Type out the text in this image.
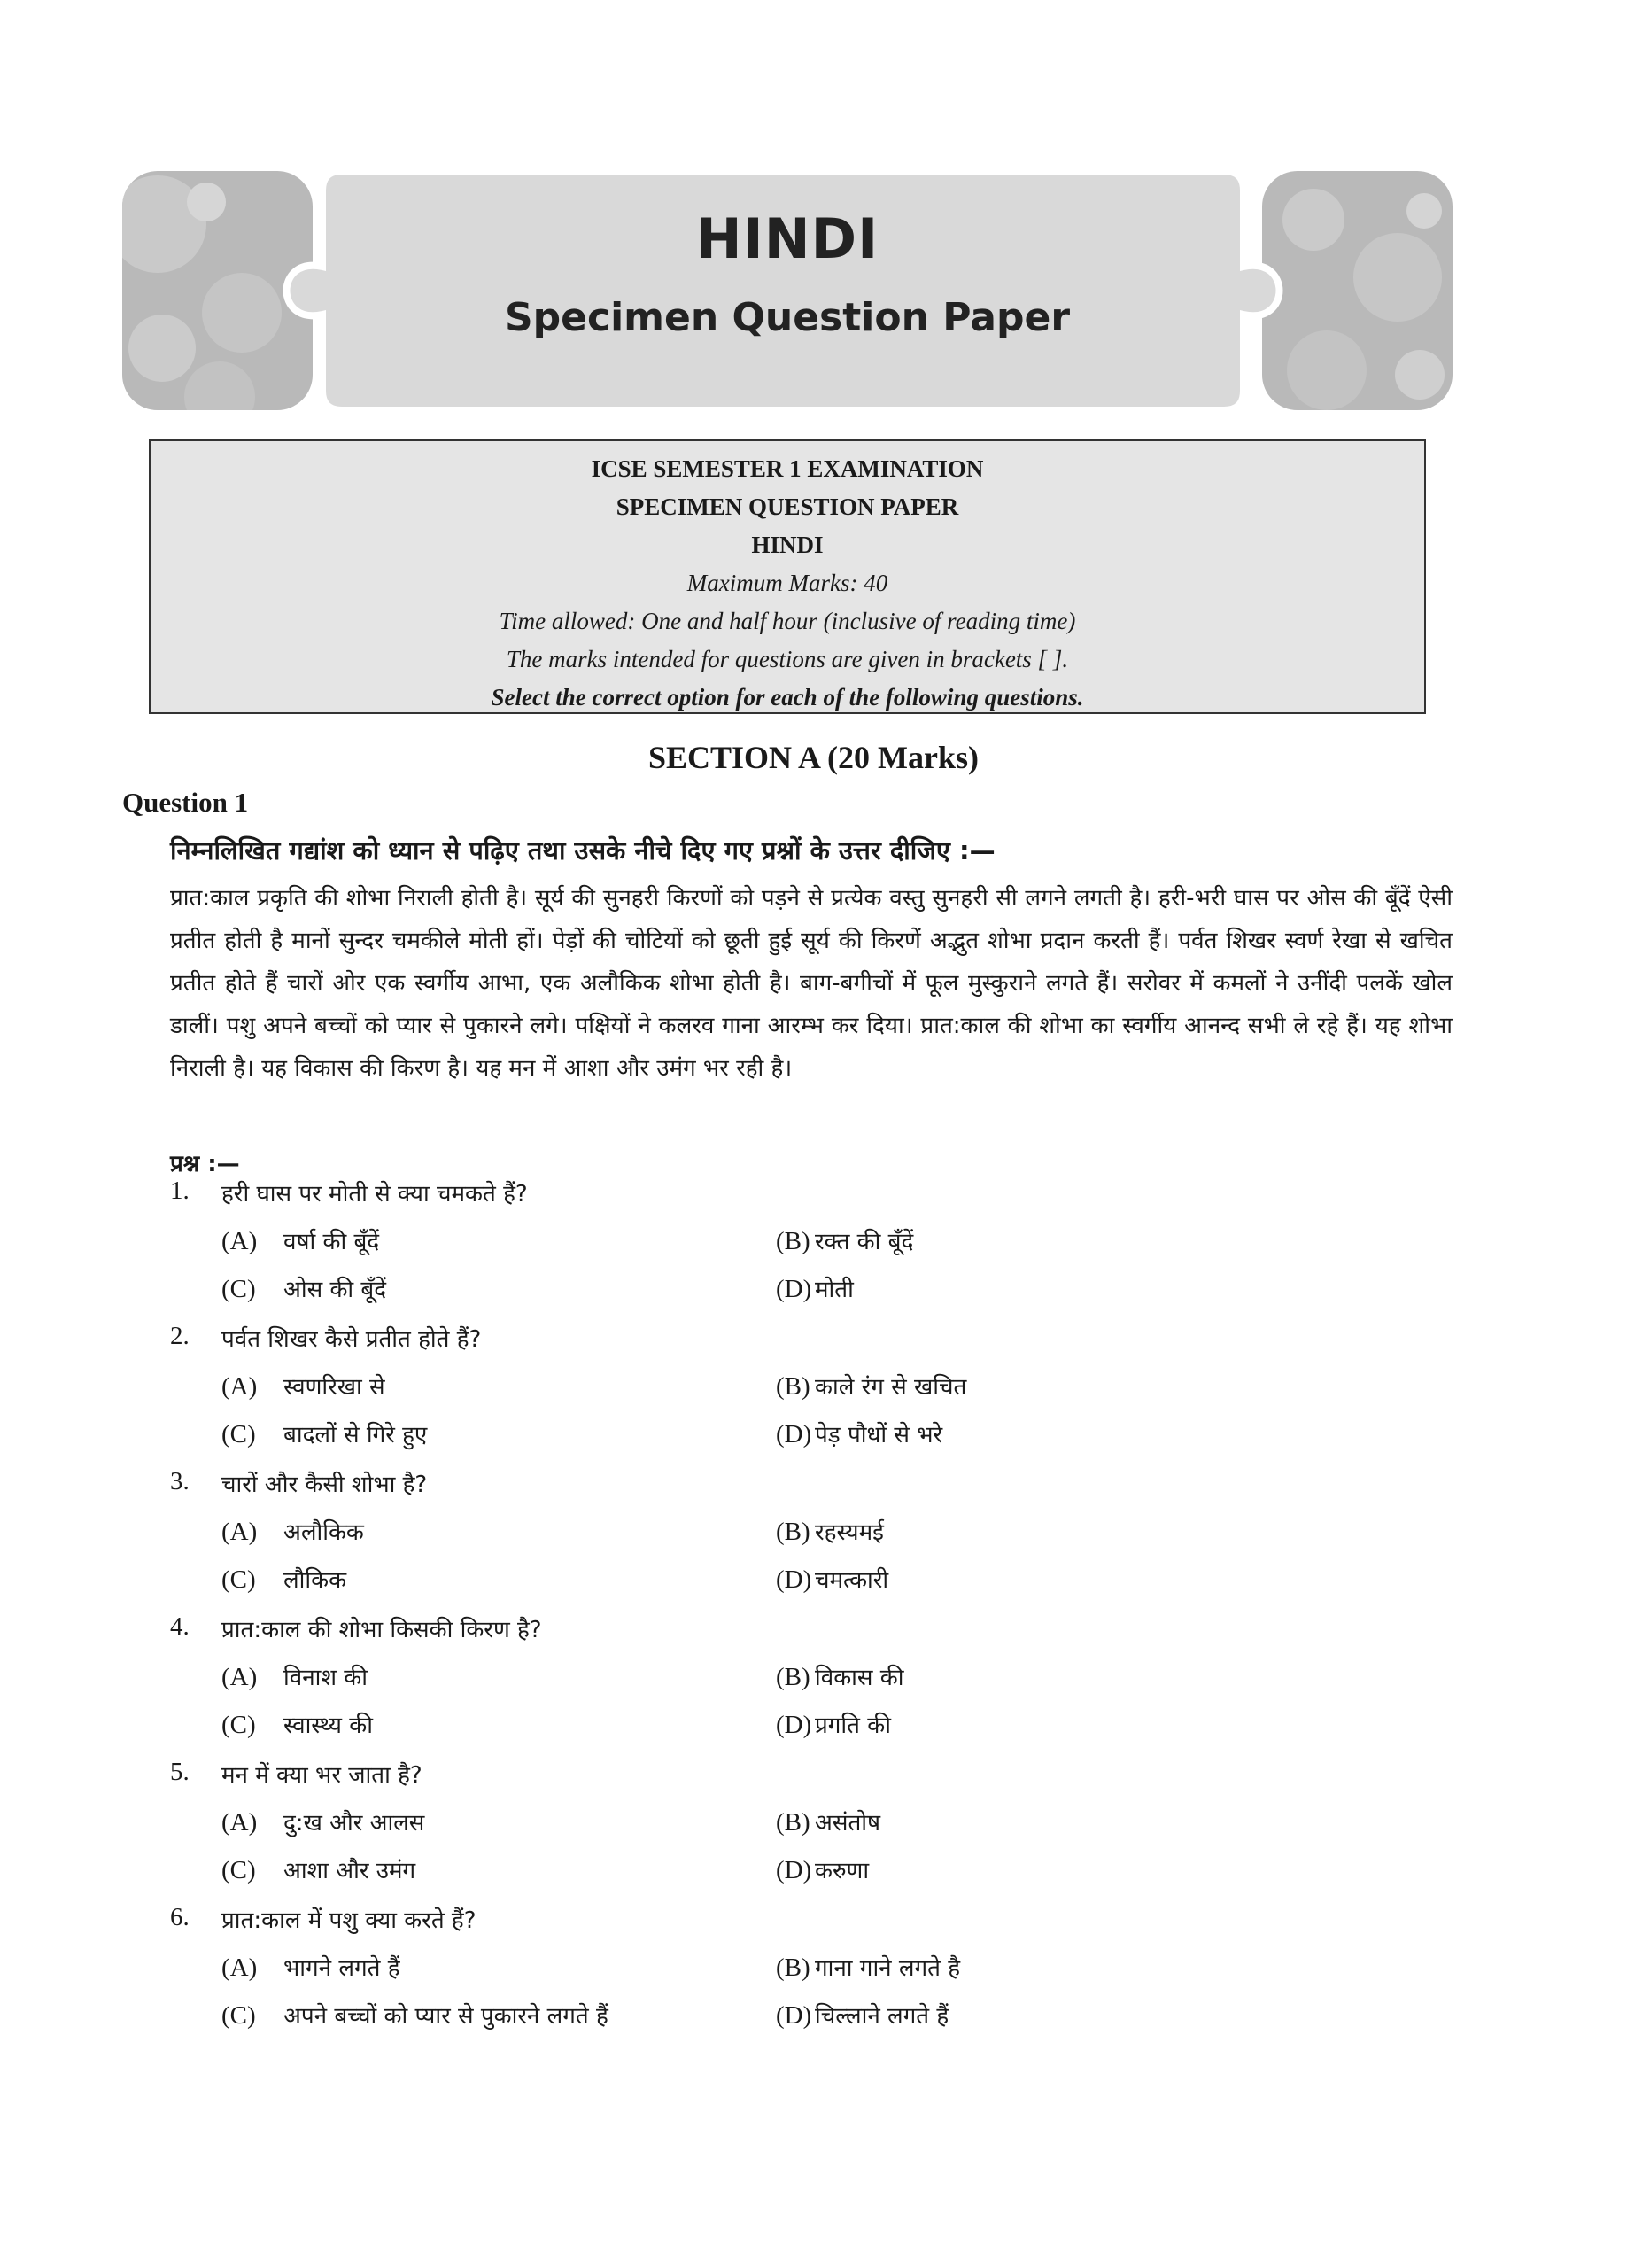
HINDI
Specimen Question Paper
ICSE SEMESTER 1 EXAMINATION
SPECIMEN QUESTION PAPER
HINDI
Maximum Marks: 40
Time allowed: One and half hour (inclusive of reading time)
The marks intended for questions are given in brackets [ ].
Select the correct option for each of the following questions.
SECTION A (20 Marks)
Question 1
निम्नलिखित गद्यांश को ध्यान से पढ़िए तथा उसके नीचे दिए गए प्रश्नों के उत्तर दीजिए :—

प्रात:काल प्रकृति की शोभा निराली होती है। सूर्य की सुनहरी किरणों को पड़ने से प्रत्येक वस्तु सुनहरी सी लगने लगती है। हरी-भरी घास पर ओस की बूँदें ऐसी प्रतीत होती है मानों सुन्दर चमकीले मोती हों। पेड़ों की चोटियों को छूती हुई सूर्य की किरणें अद्भुत शोभा प्रदान करती हैं। पर्वत शिखर स्वर्ण रेखा से खचित प्रतीत होते हैं चारों ओर एक स्वर्गीय आभा, एक अलौकिक शोभा होती है। बाग-बगीचों में फूल मुस्कुराने लगते हैं। सरोवर में कमलों ने उनींदी पलकें खोल डालीं। पशु अपने बच्चों को प्यार से पुकारने लगे। पक्षियों ने कलरव गाना आरम्भ कर दिया। प्रात:काल की शोभा का स्वर्गीय आनन्द सभी ले रहे हैं। यह शोभा निराली है। यह विकास की किरण है। यह मन में आशा और उमंग भर रही है।

प्रश्न :—
1. हरी घास पर मोती से क्या चमकते हैं?
(A) वर्षा की बूँदें	(B) रक्त की बूँदें
(C) ओस की बूँदें	(D) मोती
2. पर्वत शिखर कैसे प्रतीत होते हैं?
(A) स्वणरिखा से	(B) काले रंग से खचित
(C) बादलों से गिरे हुए	(D) पेड़ पौधों से भरे
3. चारों और कैसी शोभा है?
(A) अलौकिक	(B) रहस्यमई
(C) लौकिक	(D) चमत्कारी
4. प्रात:काल की शोभा किसकी किरण है?
(A) विनाश की	(B) विकास की
(C) स्वास्थ्य की	(D) प्रगति की
5. मन में क्या भर जाता है?
(A) दु:ख और आलस	(B) असंतोष
(C) आशा और उमंग	(D) करुणा
6. प्रात:काल में पशु क्या करते हैं?
(A) भागने लगते हैं	(B) गाना गाने लगते है
(C) अपने बच्चों को प्यार से पुकारने लगते हैं	(D) चिल्लाने लगते हैं
